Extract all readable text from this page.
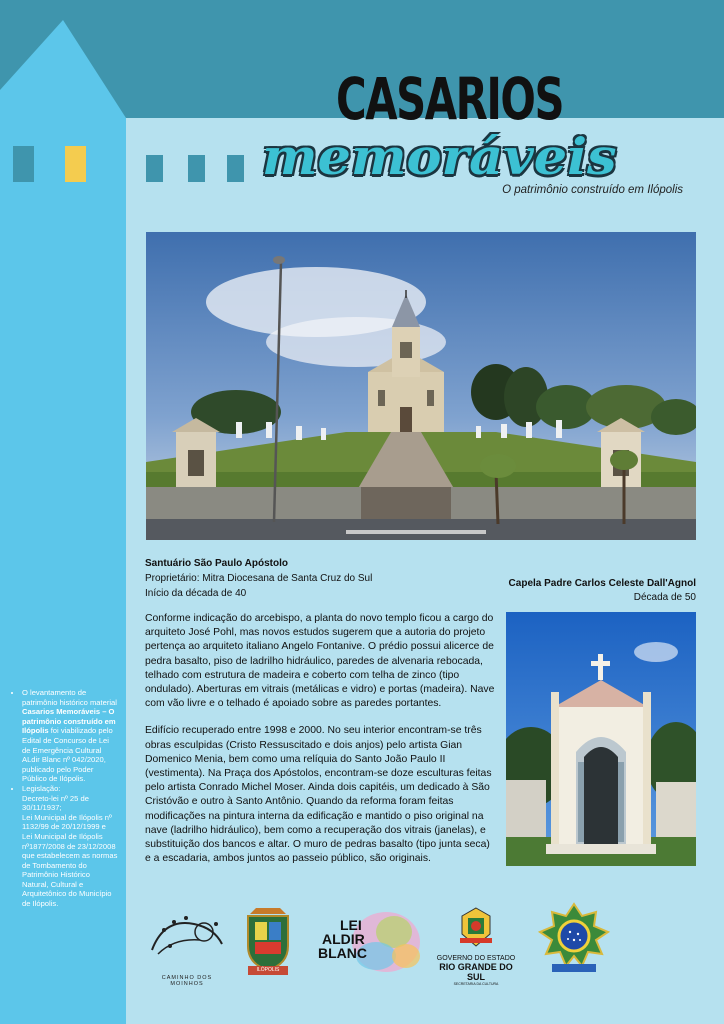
CASARIOS
memoráveis
O patrimônio construído em Ilópolis
Santuário São Paulo Apóstolo
Proprietário: Mitra Diocesana de Santa Cruz do Sul
Início da década de 40
Capela Padre Carlos Celeste Dall'Agnol
Década de 50

Conforme indicação do arcebispo, a planta do novo templo ficou a cargo do arquiteto José Pohl, mas novos estudos sugerem que a autoria do projeto pertença ao arquiteto italiano Angelo Fontanive. O prédio possui alicerce de pedra basalto, piso de ladrilho hidráulico, paredes de alvenaria rebocada, telhado com estrutura de madeira e coberto com telha de zinco (tipo ondulado). Aberturas em vitrais (metálicas e vidro) e portas (madeira). Nave com vão livre e o telhado é apoiado sobre as paredes portantes.

Edifício recuperado entre 1998 e 2000. No seu interior encontram-se três obras esculpidas (Cristo Ressuscitado e dois anjos) pelo artista Gian Domenico Menia, bem como uma relíquia do Santo João Paulo II (vestimenta). Na Praça dos Apóstolos, encontram-se doze esculturas feitas pelo artista Conrado Michel Moser. Ainda dois capitéis, um dedicado à São Cristóvão e outro à Santo Antônio. Quando da reforma foram feitas modificações na pintura interna da edificação e mantido o piso original na nave (ladrilho hidráulico), bem como a recuperação dos vitrais (janelas), e substituição dos bancos e altar. O muro de pedras basalto (tipo junta seca) e a escadaria, ambos juntos ao passeio público, são originais.

• O levantamento de patrimônio histórico material Casarios Memoráveis – O patrimônio construído em Ilópolis foi viabilizado pelo Edital de Concurso de Lei de Emergência Cultural ALdir Blanc nº 042/2020, publicado pelo Poder Público de Ilópolis.
• Legislação:
Decreto-lei nº 25 de 30/11/1937;
Lei Municipal de Ilópolis nº 1132/99 de 20/12/1999 e
Lei Municipal de Ilópolis nº1877/2008 de 23/12/2008 que estabelecem as normas de Tombamento do Patrimônio Histórico Natural, Cultural e Arquitetônico do Município de Ilópolis.
CAMINHO DOS MOINHOS
ILÓPOLIS
LEI
ALDIR
BLANC	GOVERNO DO ESTADO
RIO GRANDE DO SUL
SECRETARIA DA CULTURA
